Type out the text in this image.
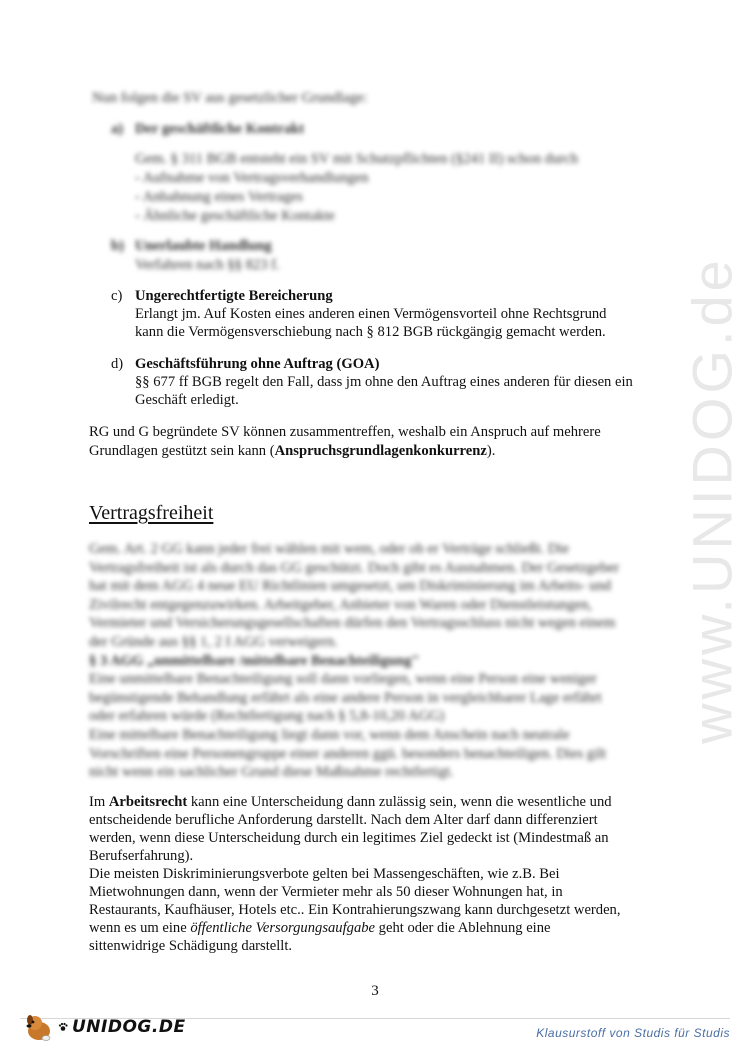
www.UNIDOG.de
Nun folgen die SV aus gesetzlicher Grundlage:
a) Der geschäftliche Kontrakt
Gem. § 311 BGB entsteht ein SV mit Schutzpflichten (§241 II) schon durch
- Aufnahme von Vertragsverhandlungen
- Anbahnung eines Vertrages
- Ähnliche geschäftliche Kontakte
b) Unerlaubte Handlung
Verfahren nach §§ 823 f.
c) Ungerechtfertigte Bereicherung
Erlangt jm. Auf Kosten eines anderen einen Vermögensvorteil ohne Rechtsgrund
kann die Vermögensverschiebung nach § 812 BGB rückgängig gemacht werden.
d) Geschäftsführung ohne Auftrag (GOA)
§§ 677 ff BGB regelt den Fall, dass jm ohne den Auftrag eines anderen für diesen ein
Geschäft erledigt.
RG und G begründete SV können zusammentreffen, weshalb ein Anspruch auf mehrere
Grundlagen gestützt sein kann (Anspruchsgrundlagenkonkurrenz).
Vertragsfreiheit
Gem. Art. 2 GG kann jeder frei wählen mit wem, oder ob er Verträge schließt. Die
Vertragsfreiheit ist als durch das GG geschützt. Doch gibt es Ausnahmen. Der Gesetzgeber
hat mit dem AGG 4 neue EU Richtlinien umgesetzt, um Diskriminierung im Arbeits- und
Zivilrecht entgegenzuwirken. Arbeitgeber, Anbieter von Waren oder Dienstleistungen,
Vermieter und Versicherungsgesellschaften dürfen den Vertragsschluss nicht wegen einem
der Gründe aus §§ 1, 2 I AGG verweigern.
§ 3 AGG „unmittelbare /mittelbare Benachteiligung"
Eine unmittelbare Benachteiligung soll dann vorliegen, wenn eine Person eine weniger
begünstigende Behandlung erfährt als eine andere Person in vergleichbarer Lage erfährt
oder erfahren würde (Rechtfertigung nach § 5,8-10,20 AGG)
Eine mittelbare Benachteiligung liegt dann vor, wenn dem Anschein nach neutrale
Vorschriften eine Personengruppe einer anderen ggü. besonders benachteiligen. Dies gilt
nicht wenn ein sachlicher Grund diese Maßnahme rechtfertigt.
Im Arbeitsrecht kann eine Unterscheidung dann zulässig sein, wenn die wesentliche und
entscheidende berufliche Anforderung darstellt. Nach dem Alter darf dann differenziert
werden, wenn diese Unterscheidung durch ein legitimes Ziel gedeckt ist (Mindestmaß an
Berufserfahrung).
Die meisten Diskriminierungsverbote gelten bei Massengeschäften, wie z.B. Bei
Mietwohnungen dann, wenn der Vermieter mehr als 50 dieser Wohnungen hat, in
Restaurants, Kaufhäuser, Hotels etc.. Ein Kontrahierungszwang kann durchgesetzt werden,
wenn es um eine öffentliche Versorgungsaufgabe geht oder die Ablehnung eine
sittenwidrige Schädigung darstellt.
3
UNIDOG.DE	Klausurstoff von Studis für Studis
